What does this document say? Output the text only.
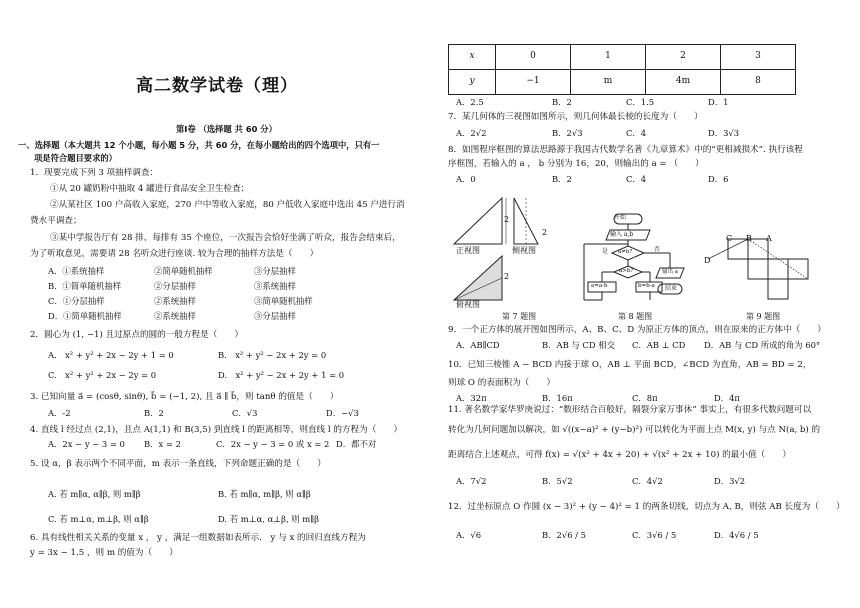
高二数学试卷（理）
第Ⅰ卷 （选择题 共 60 分）
一、选择题（本大题共 12 个小题，每小题 5 分，共 60 分，在每小题给出的四个选项中，只有一
项是符合题目要求的）
1．现要完成下列 3 项抽样调查：
①从 20 罐奶粉中抽取 4 罐进行食品安全卫生检查；
②从某社区 100 户高收入家庭，270 户中等收入家庭，80 户低收入家庭中选出 45 户进行消
费水平调查；
③某中学报告厅有 28 排，每排有 35 个座位，一次报告会恰好坐满了听众，报告会结束后，
为了听取意见，需要请 28 名听众进行座谈. 较为合理的抽样方法是（　　）
A．①系统抽样	②简单随机抽样	③分层抽样
B．①简单随机抽样	②分层抽样	③系统抽样
C．①分层抽样	②系统抽样	③简单随机抽样
D．①简单随机抽样	②系统抽样	③分层抽样
2．圆心为 (1, −1) 且过原点的圆的一般方程是（　　）
A.　x² + y² + 2x − 2y + 1 = 0	B.　x² + y² − 2x + 2y = 0
C.　x² + y² + 2x − 2y = 0	D.　x² + y² − 2x + 2y + 1 = 0
3. 已知向量 a⃗ = (cosθ, sinθ), b⃗ = (−1, 2), 且 a⃗ ∥ b⃗，则 tanθ 的值是（　　）
A．-2	B．2	C．√3	D．−√3
4. 直线 l 经过点 (2,1)，且点 A(1,1) 和 B(3,5) 到直线 l 的距离相等，则直线 l 的方程为（　　）
A．2x − y − 3 = 0 B．x = 2	C．2x − y − 3 = 0 或 x = 2 D．都不对
5. 设 α，β 表示两个不同平面，m 表示一条直线，下列命题正确的是（　　）
A. 若 m∥α, α∥β, 则 m∥β	B. 若 m∥α, m∥β, 则 α∥β
C. 若 m⊥α, m⊥β, 则 α∥β	D. 若 m⊥α, α⊥β, 则 m∥β
6. 具有线性相关关系的变量 x ， y ，满足一组数据如表所示． y 与 x 的回归直线方程为
y = 3x − 1.5 ，则 m 的值为（　　）
x	0	1	2	3
y	−1	m	4m	8
A．2.5	B．2	C．1.5	D．1
7．某几何体的三视图如图所示，则几何体最长棱的长度为（　　）
A．2√2	B．2√3	C．4	D．3√3
8．如图程序框图的算法思路源于我国古代数学名著《九章算术》中的“更相减损术”. 执行该程
序框图，若输入的 a ， b 分别为 16，20，则输出的 a = （　　）
A．0	B．2	C．4	D．6
正视图	侧视图
俯视图
2
2
2
开始
输入 a,b
a≠b?
a>b?
是	否
a=a-b	b=b-a
输出 a
结束
C B A
D
第 7 题图	第 8 题图	第 9 题图
9．一个正方体的展开图如图所示，A、B、C、D 为原正方体的顶点，则在原来的正方体中（　　）
A．AB∥CD	B．AB 与 CD 相交 C．AB ⊥ CD D．AB 与 CD 所成的角为 60°
10．已知三棱锥 A − BCD 内接于球 O，AB ⊥ 平面 BCD，∠BCD 为直角，AB = BD = 2，
则球 O 的表面积为（　　）
A．32π	B．16π	C．8π	D．4π
11. 著名数学家华罗庚说过：“数形结合百般好，隔裂分家万事休” 事实上，有很多代数问题可以
转化为几何问题加以解决，如 √((x−a)² + (y−b)²) 可以转化为平面上点 M(x, y) 与点 N(a, b) 的
距离结合上述观点，可得 f(x) = √(x² + 4x + 20) + √(x² + 2x + 10) 的最小值（　　）
A．7√2	B．5√2	C．4√2	D．3√2
12．过坐标原点 O 作圆 (x − 3)² + (y − 4)² = 1 的两条切线，切点为 A, B，则弦 AB 长度为（　　）
A．√6	B．2√6 / 5	C．3√6 / 5	D．4√6 / 5
